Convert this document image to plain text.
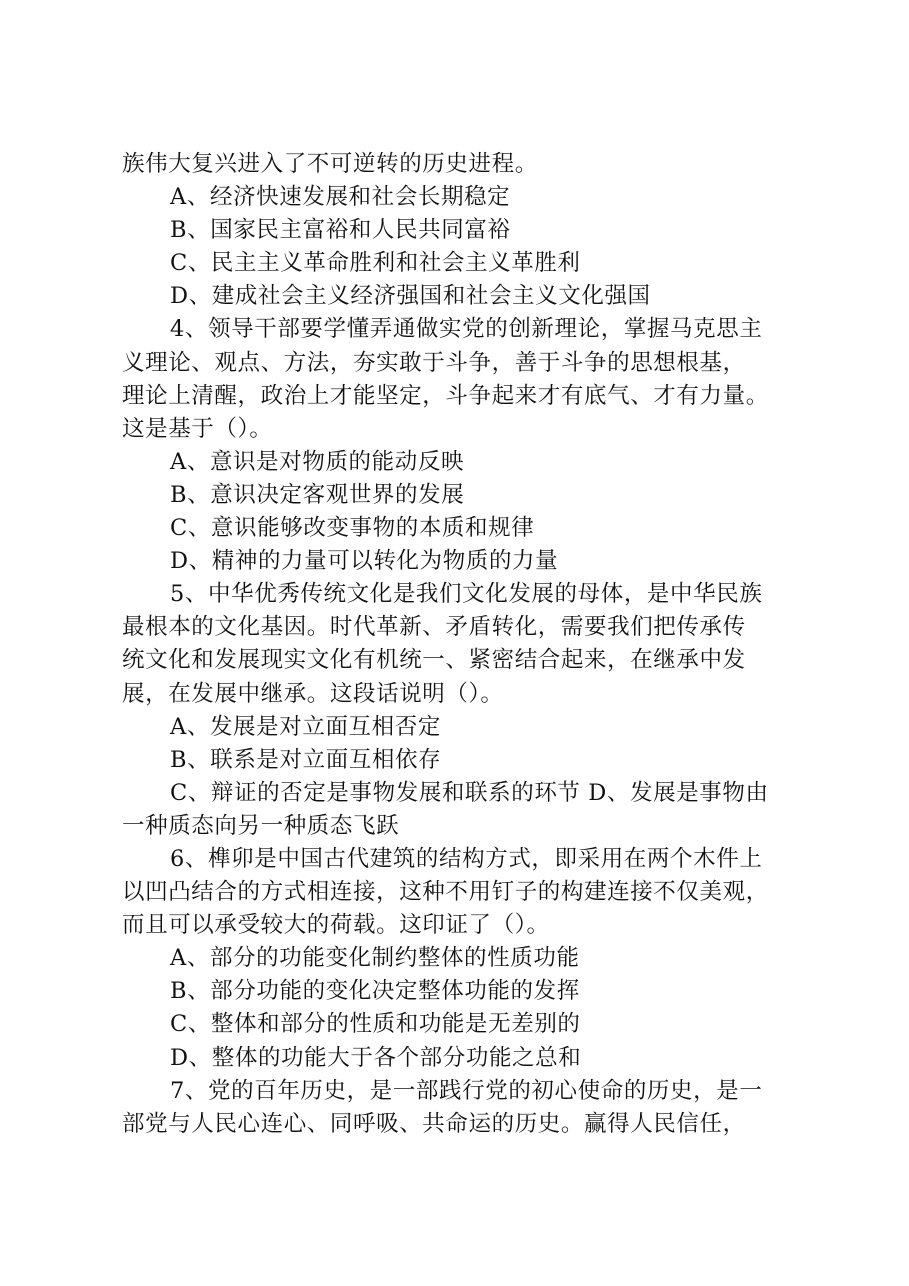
族伟大复兴进入了不可逆转的历史进程。
A、经济快速发展和社会长期稳定
B、国家民主富裕和人民共同富裕
C、民主主义革命胜利和社会主义革胜利
D、建成社会主义经济强国和社会主义文化强国
4、领导干部要学懂弄通做实党的创新理论，掌握马克思主
义理论、观点、方法，夯实敢于斗争，善于斗争的思想根基，
理论上清醒，政治上才能坚定，斗争起来才有底气、才有力量。
这是基于（）。
A、意识是对物质的能动反映
B、意识决定客观世界的发展
C、意识能够改变事物的本质和规律
D、精神的力量可以转化为物质的力量
5、中华优秀传统文化是我们文化发展的母体，是中华民族
最根本的文化基因。时代革新、矛盾转化，需要我们把传承传
统文化和发展现实文化有机统一、紧密结合起来，在继承中发
展，在发展中继承。这段话说明（）。
A、发展是对立面互相否定
B、联系是对立面互相依存
C、辩证的否定是事物发展和联系的环节 D、发展是事物由
一种质态向另一种质态飞跃
6、榫卯是中国古代建筑的结构方式，即采用在两个木件上
以凹凸结合的方式相连接，这种不用钉子的构建连接不仅美观，
而且可以承受较大的荷载。这印证了（）。
A、部分的功能变化制约整体的性质功能
B、部分功能的变化决定整体功能的发挥
C、整体和部分的性质和功能是无差别的
D、整体的功能大于各个部分功能之总和
7、党的百年历史，是一部践行党的初心使命的历史，是一
部党与人民心连心、同呼吸、共命运的历史。赢得人民信任，
